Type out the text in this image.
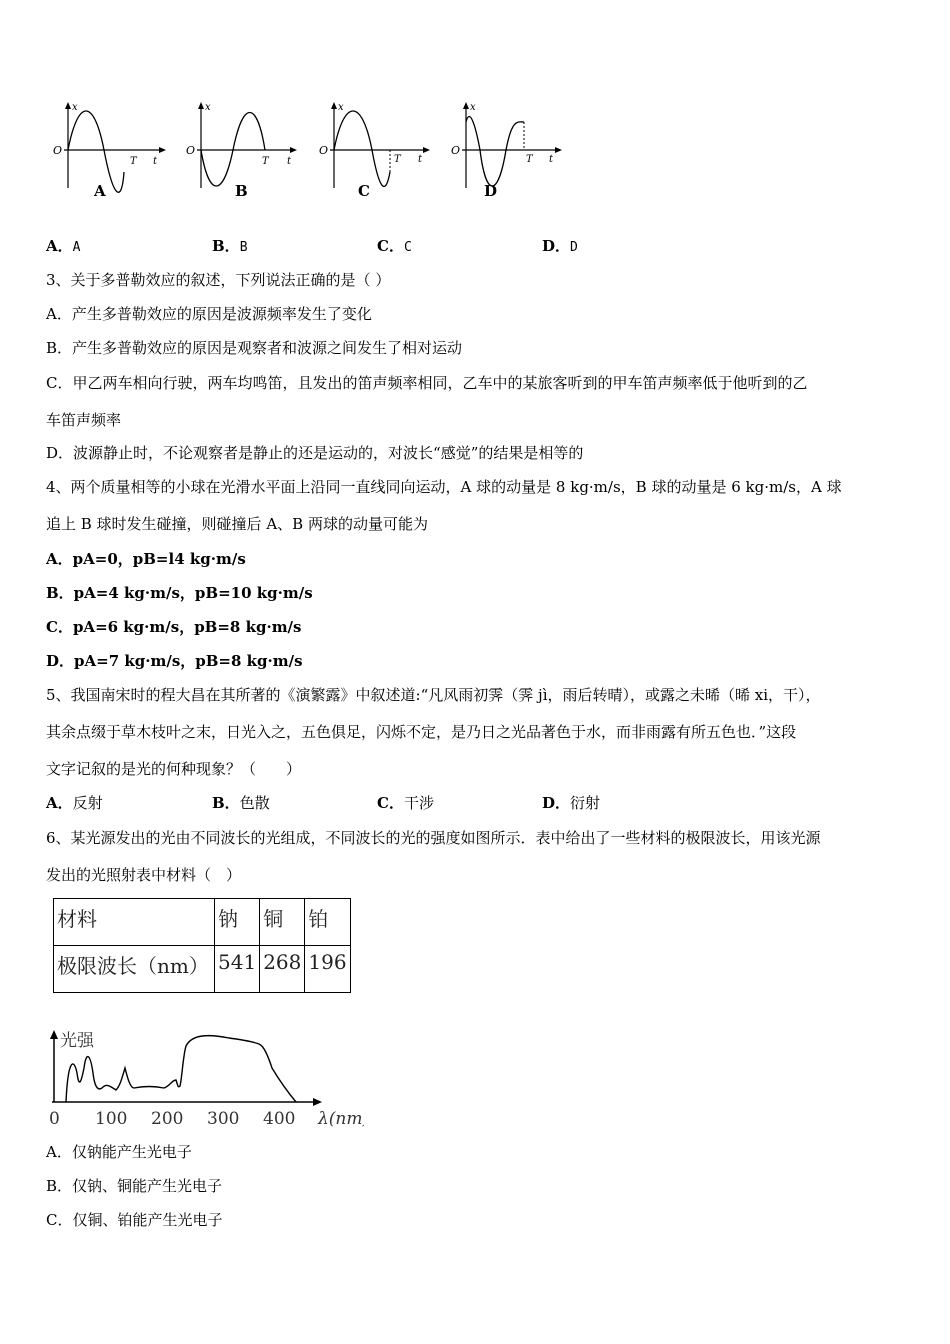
x
O
T t
A
x
O
T t
B
x
O
T t
C
x
O
T t
D
A．A	B．B	C．C	D．D
3、关于多普勒效应的叙述，下列说法正确的是（ ）
A．产生多普勒效应的原因是波源频率发生了变化
B．产生多普勒效应的原因是观察者和波源之间发生了相对运动
C．甲乙两车相向行驶，两车均鸣笛，且发出的笛声频率相同，乙车中的某旅客听到的甲车笛声频率低于他听到的乙
车笛声频率
D．波源静止时，不论观察者是静止的还是运动的，对波长“感觉”的结果是相等的
4、两个质量相等的小球在光滑水平面上沿同一直线同向运动，A 球的动量是 8 kg·m/s，B 球的动量是 6 kg·m/s，A 球
追上 B 球时发生碰撞，则碰撞后 A、B 两球的动量可能为
A．pA=0，pB=l4 kg·m/s
B．pA=4 kg·m/s，pB=10 kg·m/s
C．pA=6 kg·m/s，pB=8 kg·m/s
D．pA=7 kg·m/s，pB=8 kg·m/s
5、我国南宋时的程大昌在其所著的《演繁露》中叙述道:“凡风雨初霁（霁 jì，雨后转晴），或露之未晞（晞 xi，干），
其余点缀于草木枝叶之末，日光入之，五色俱足，闪烁不定，是乃日之光品著色于水，而非雨露有所五色也．”这段
文字记叙的是光的何种现象？（　　）
A．反射	B．色散	C．干涉	D．衍射
6、某光源发出的光由不同波长的光组成，不同波长的光的强度如图所示．表中给出了一些材料的极限波长，用该光源
发出的光照射表中材料（　）
材料	钠	铜	铂
极限波长（nm）	541	268	196
光强
0 100 200 300 400 λ(nm)
A．仅钠能产生光电子
B．仅钠、铜能产生光电子
C．仅铜、铂能产生光电子
